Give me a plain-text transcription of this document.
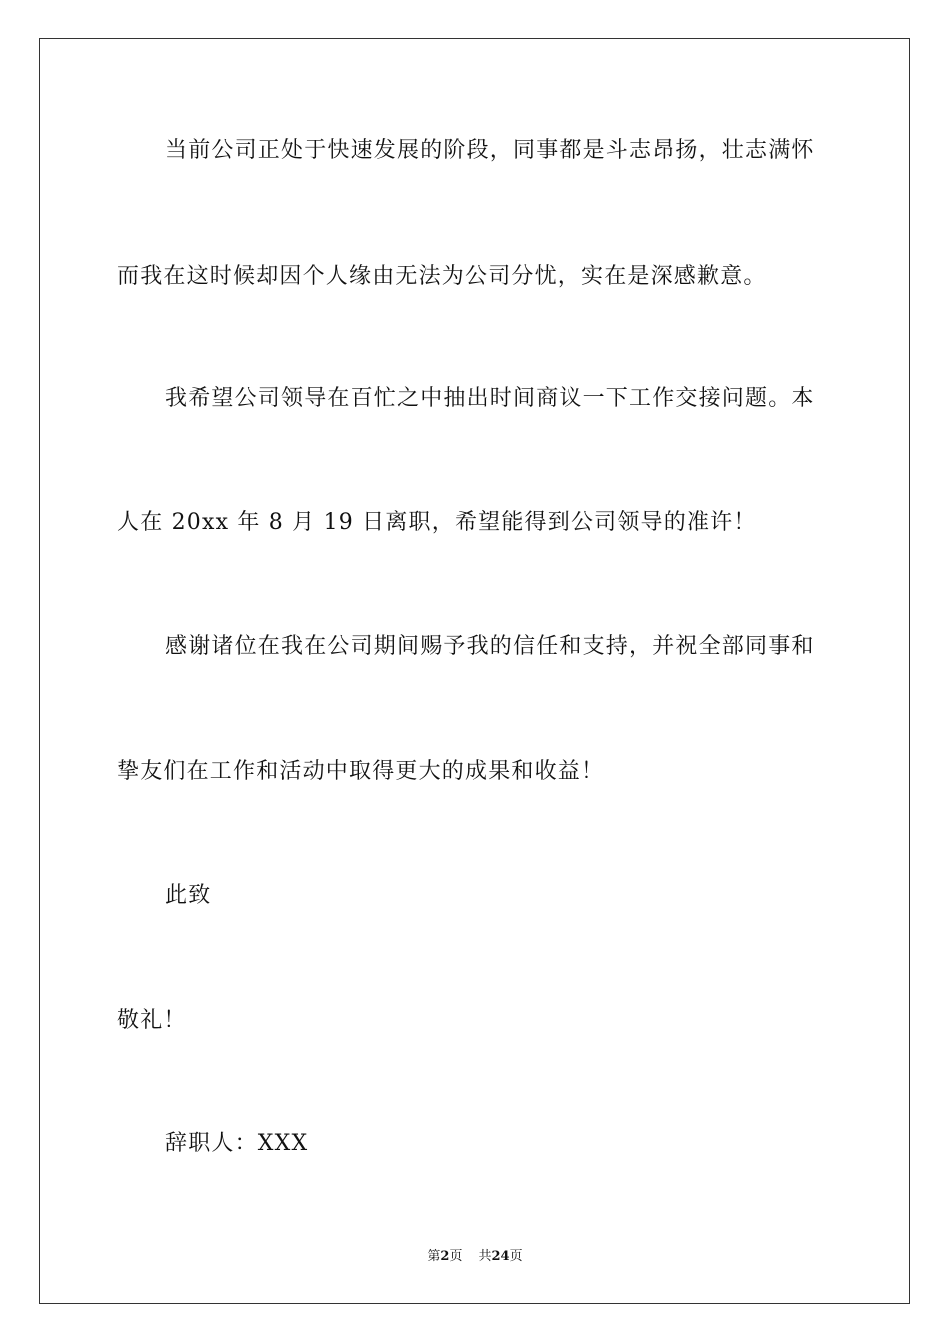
当前公司正处于快速发展的阶段，同事都是斗志昂扬，壮志满怀
而我在这时候却因个人缘由无法为公司分忧，实在是深感歉意。
我希望公司领导在百忙之中抽出时间商议一下工作交接问题。本
人在 20xx 年 8 月 19 日离职，希望能得到公司领导的准许！
感谢诸位在我在公司期间赐予我的信任和支持，并祝全部同事和
挚友们在工作和活动中取得更大的成果和收益！
此致
敬礼！
辞职人：XXX
第2页 共24页
